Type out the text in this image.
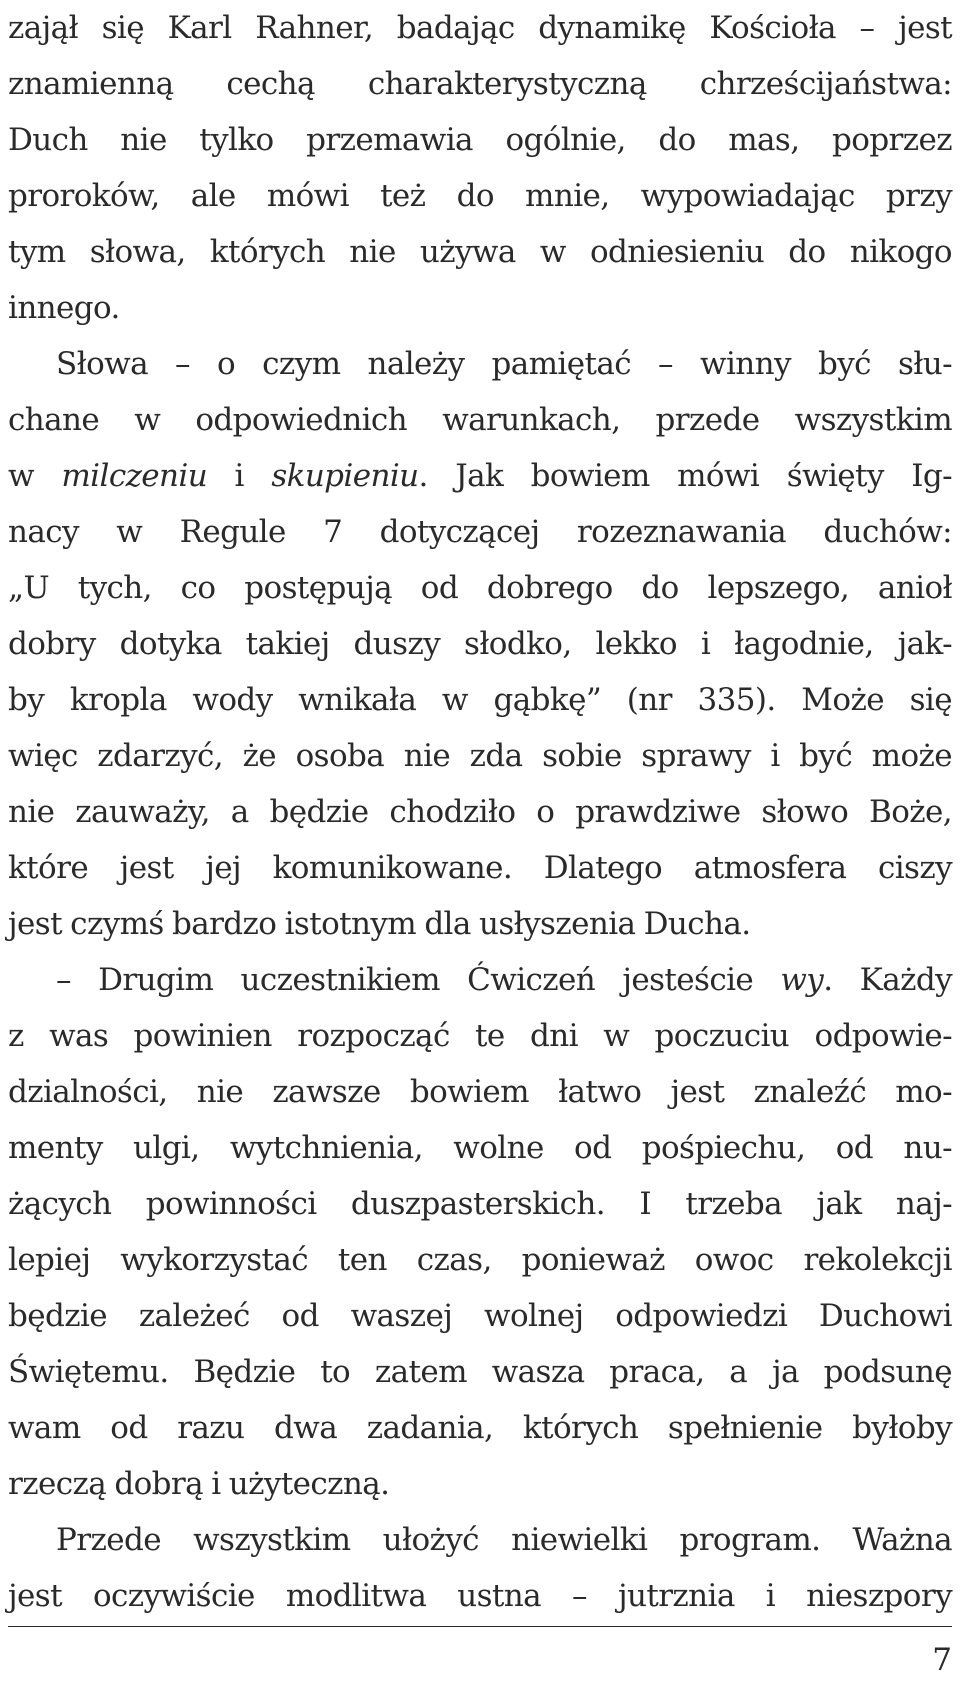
zajął się Karl Rahner, badając dynamikę Kościoła – jest
znamienną cechą charakterystyczną chrześcijaństwa:
Duch nie tylko przemawia ogólnie, do mas, poprzez
proroków, ale mówi też do mnie, wypowiadając przy
tym słowa, których nie używa w odniesieniu do nikogo
innego.
Słowa – o czym należy pamiętać – winny być słu-
chane w odpowiednich warunkach, przede wszystkim
w milczeniu i skupieniu. Jak bowiem mówi święty Ig-
nacy w Regule 7 dotyczącej rozeznawania duchów:
„U tych, co postępują od dobrego do lepszego, anioł
dobry dotyka takiej duszy słodko, lekko i łagodnie, jak-
by kropla wody wnikała w gąbkę” (nr 335). Może się
więc zdarzyć, że osoba nie zda sobie sprawy i być może
nie zauważy, a będzie chodziło o prawdziwe słowo Boże,
które jest jej komunikowane. Dlatego atmosfera ciszy
jest czymś bardzo istotnym dla usłyszenia Ducha.
– Drugim uczestnikiem Ćwiczeń jesteście wy. Każdy
z was powinien rozpocząć te dni w poczuciu odpowie-
dzialności, nie zawsze bowiem łatwo jest znaleźć mo-
menty ulgi, wytchnienia, wolne od pośpiechu, od nu-
żących powinności duszpasterskich. I trzeba jak naj-
lepiej wykorzystać ten czas, ponieważ owoc rekolekcji
będzie zależeć od waszej wolnej odpowiedzi Duchowi
Świętemu. Będzie to zatem wasza praca, a ja podsunę
wam od razu dwa zadania, których spełnienie byłoby
rzeczą dobrą i użyteczną.
Przede wszystkim ułożyć niewielki program. Ważna
jest oczywiście modlitwa ustna – jutrznia i nieszpory
7
